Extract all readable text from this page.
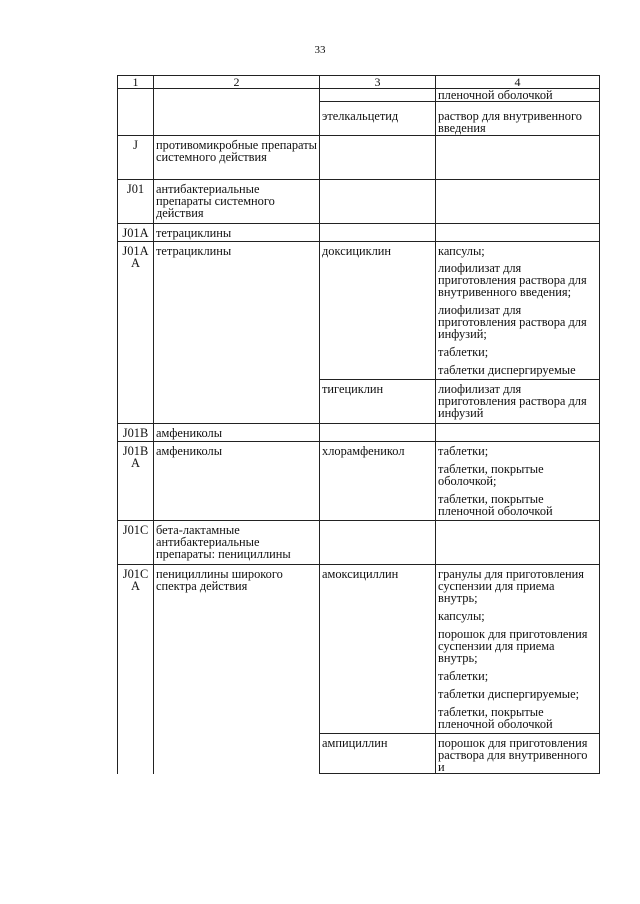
33
1	2	3	4
			пленочной оболочкой
		этелкальцетид	раствор для внутривенного введения
J	противомикробные препараты системного действия		
J01	антибактериальные препараты системного действия		
J01A	тетрациклины		
J01A A	тетрациклины	доксициклин	капсулы;
			лиофилизат для приготовления раствора для внутривенного введения;
			лиофилизат для приготовления раствора для инфузий;
			таблетки;
			таблетки диспергируемые
		тигециклин	лиофилизат для приготовления раствора для инфузий
J01B	амфениколы		
J01B A	амфениколы	хлорамфеникол	таблетки;
			таблетки, покрытые оболочкой;
			таблетки, покрытые пленочной оболочкой
J01C	бета-лактамные антибактериальные препараты: пенициллины		
J01C A	пенициллины широкого спектра действия	амоксициллин	гранулы для приготовления суспензии для приема внутрь;
			капсулы;
			порошок для приготовления суспензии для приема внутрь;
			таблетки;
			таблетки диспергируемые;
			таблетки, покрытые пленочной оболочкой
		ампициллин	порошок для приготовления раствора для внутривенного и
